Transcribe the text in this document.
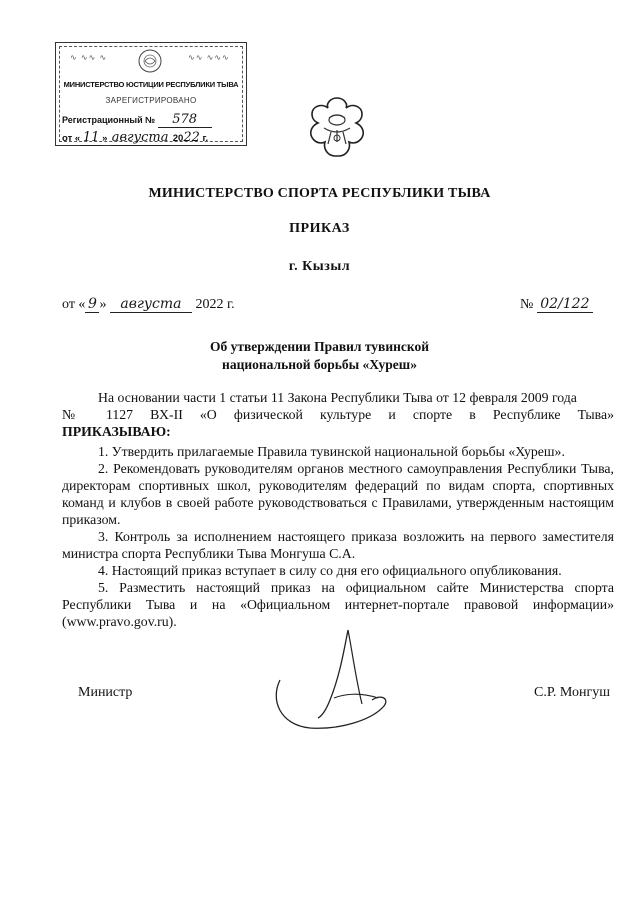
∿ ∿∿ ∿	∿∿ ∿∿∿
МИНИСТЕРСТВО ЮСТИЦИИ РЕСПУБЛИКИ ТЫВА
ЗАРЕГИСТРИРОВАНО
Регистрационный № 578
от « 11 » августа 2022 г.
МИНИСТЕРСТВО СПОРТА РЕСПУБЛИКИ ТЫВА
ПРИКАЗ
г. Кызыл
от « 9 » августа 2022 г.	№ 02/122
Об утверждении Правил тувинской
национальной борьбы «Хуреш»
На основании части 1 статьи 11 Закона Республики Тыва от 12 февраля 2009 года
№ 1127 ВХ-II «О физической культуре и спорте в Республике Тыва»
ПРИКАЗЫВАЮ:
1. Утвердить прилагаемые Правила тувинской национальной борьбы «Хуреш».
2. Рекомендовать руководителям органов местного самоуправления Республики Тыва, директорам спортивных школ, руководителям федераций по видам спорта, спортивных команд и клубов в своей работе руководствоваться с Правилами, утвержденным настоящим приказом.
3. Контроль за исполнением настоящего приказа возложить на первого заместителя министра спорта Республики Тыва Монгуша С.А.
4. Настоящий приказ вступает в силу со дня его официального опубликования.
5. Разместить настоящий приказ на официальном сайте Министерства спорта Республики Тыва и на «Официальном интернет-портале правовой информации» (www.pravo.gov.ru).
Министр	С.Р. Монгуш
